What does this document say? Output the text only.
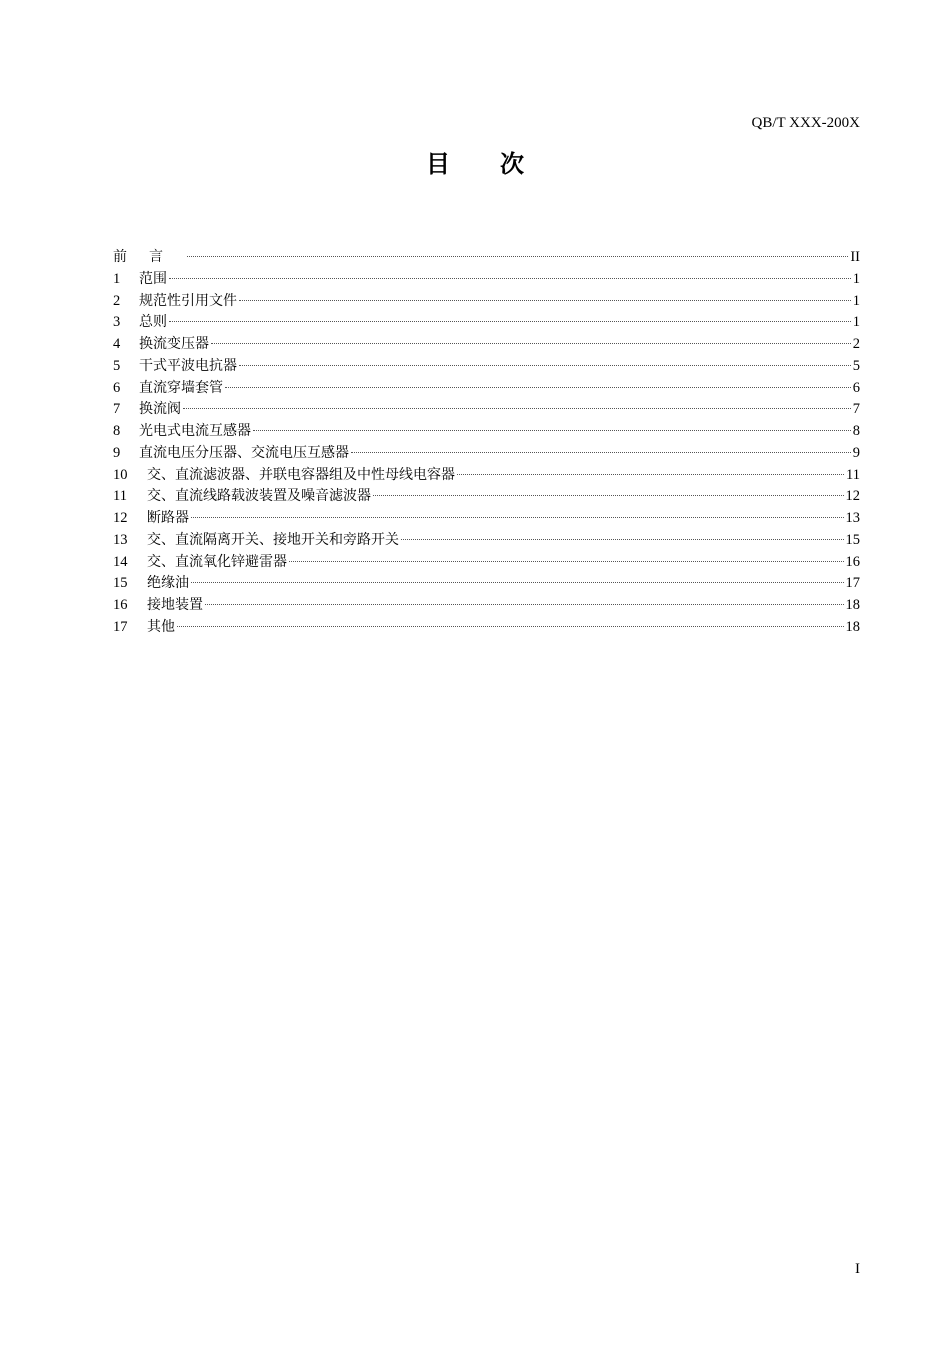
QB/T XXX-200X
目次
前言	II
1	范围	1
2	规范性引用文件	1
3	总则	1
4	换流变压器	2
5	干式平波电抗器	5
6	直流穿墙套管	6
7	换流阀	7
8	光电式电流互感器	8
9	直流电压分压器、交流电压互感器	9
10	交、直流滤波器、并联电容器组及中性母线电容器	11
11	交、直流线路载波装置及噪音滤波器	12
12	断路器	13
13	交、直流隔离开关、接地开关和旁路开关	15
14	交、直流氧化锌避雷器	16
15	绝缘油	17
16	接地装置	18
17	其他	18
I
